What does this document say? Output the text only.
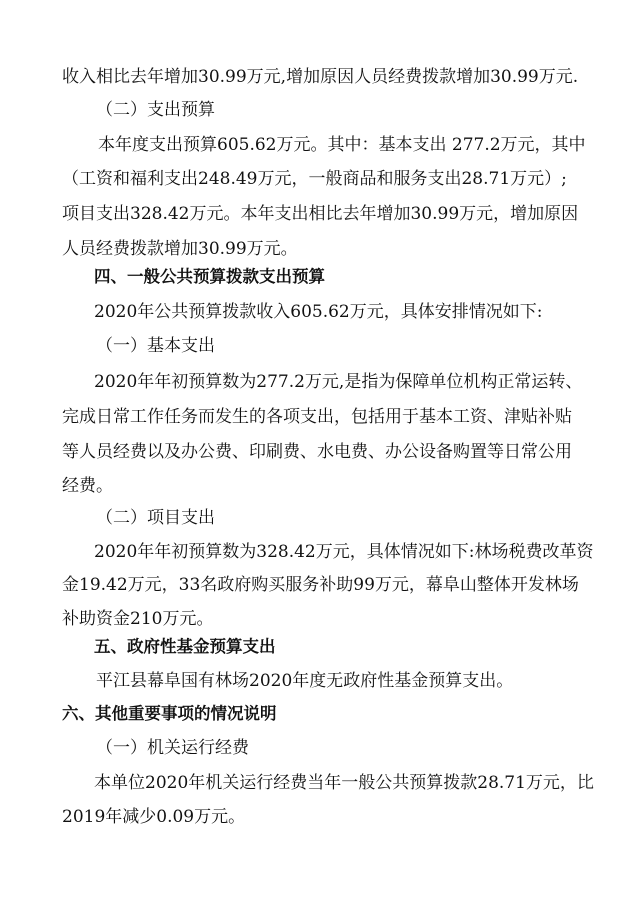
收入相比去年增加30.99万元,增加原因人员经费拨款增加30.99万元.
（二）支出预算
本年度支出预算605.62万元。其中：基本支出 277.2万元，其中
（工资和福利支出248.49万元，一般商品和服务支出28.71万元）;
项目支出328.42万元。本年支出相比去年增加30.99万元，增加原因
人员经费拨款增加30.99万元。
四、一般公共预算拨款支出预算
2020年公共预算拨款收入605.62万元，具体安排情况如下:
（一）基本支出
2020年年初预算数为277.2万元,是指为保障单位机构正常运转、
完成日常工作任务而发生的各项支出，包括用于基本工资、津贴补贴
等人员经费以及办公费、印刷费、水电费、办公设备购置等日常公用
经费。
（二）项目支出
2020年年初预算数为328.42万元，具体情况如下:林场税费改革资
金19.42万元，33名政府购买服务补助99万元，幕阜山整体开发林场
补助资金210万元。
五、政府性基金预算支出
平江县幕阜国有林场2020年度无政府性基金预算支出。
六、其他重要事项的情况说明
（一）机关运行经费
本单位2020年机关运行经费当年一般公共预算拨款28.71万元，比
2019年减少0.09万元。
